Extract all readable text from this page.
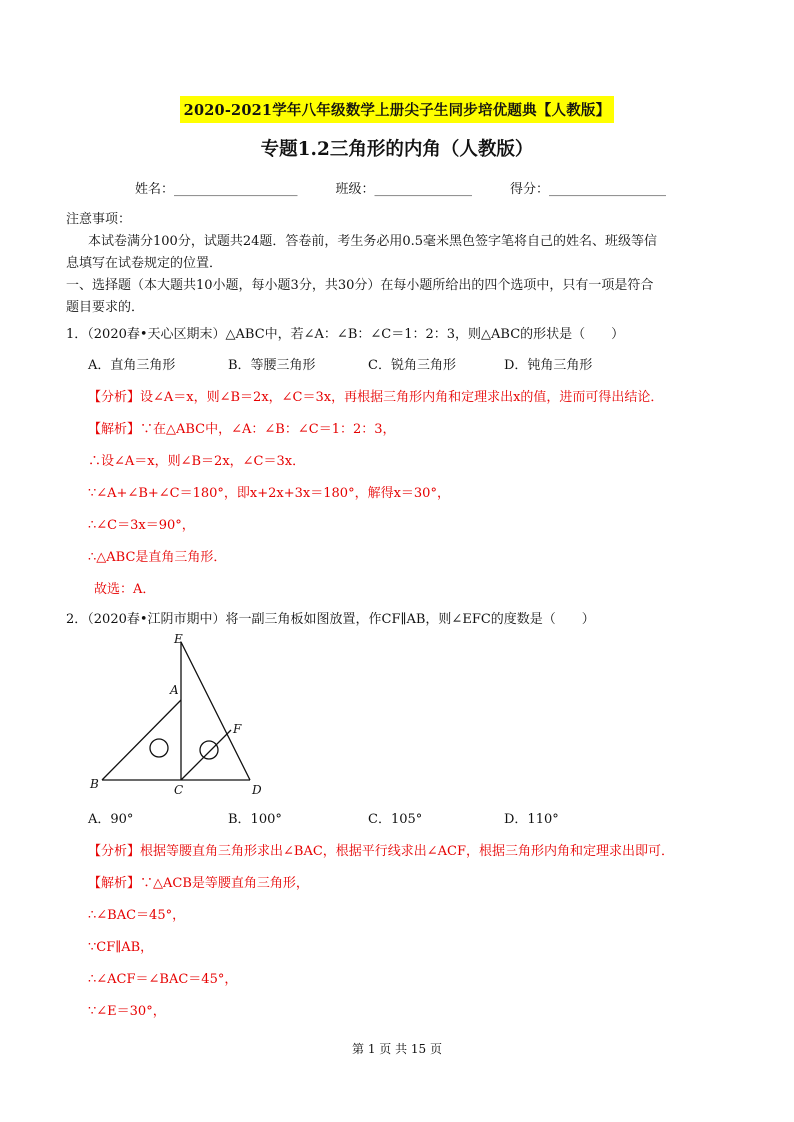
2020-2021学年八年级数学上册尖子生同步培优题典【人教版】
专题1.2三角形的内角（人教版）
姓名：___________________	班级：_______________	得分：__________________
注意事项：
本试卷满分100分，试题共24题．答卷前，考生务必用0.5毫米黑色签字笔将自己的姓名、班级等信
息填写在试卷规定的位置．
一、选择题（本大题共10小题，每小题3分，共30分）在每小题所给出的四个选项中，只有一项是符合
题目要求的．
1．（2020春•天心区期末）△ABC中，若∠A：∠B：∠C＝1：2：3，则△ABC的形状是（　　）
A．直角三角形	B．等腰三角形	C．锐角三角形	D．钝角三角形
【分析】设∠A＝x，则∠B＝2x，∠C＝3x，再根据三角形内角和定理求出x的值，进而可得出结论．
【解析】∵在△ABC中，∠A：∠B：∠C＝1：2：3，
∴设∠A＝x，则∠B＝2x，∠C＝3x．
∵∠A+∠B+∠C＝180°，即x+2x+3x＝180°，解得x＝30°，
∴∠C＝3x＝90°，
∴△ABC是直角三角形．
故选：A．
2．（2020春•江阴市期中）将一副三角板如图放置，作CF∥AB，则∠EFC的度数是（　　）
E
A
F
B	C	D
A．90°	B．100°	C．105°	D．110°
【分析】根据等腰直角三角形求出∠BAC，根据平行线求出∠ACF，根据三角形内角和定理求出即可．
【解析】∵△ACB是等腰直角三角形，
∴∠BAC＝45°，
∵CF∥AB，
∴∠ACF＝∠BAC＝45°，
∵∠E＝30°，
第 1 页 共 15 页
